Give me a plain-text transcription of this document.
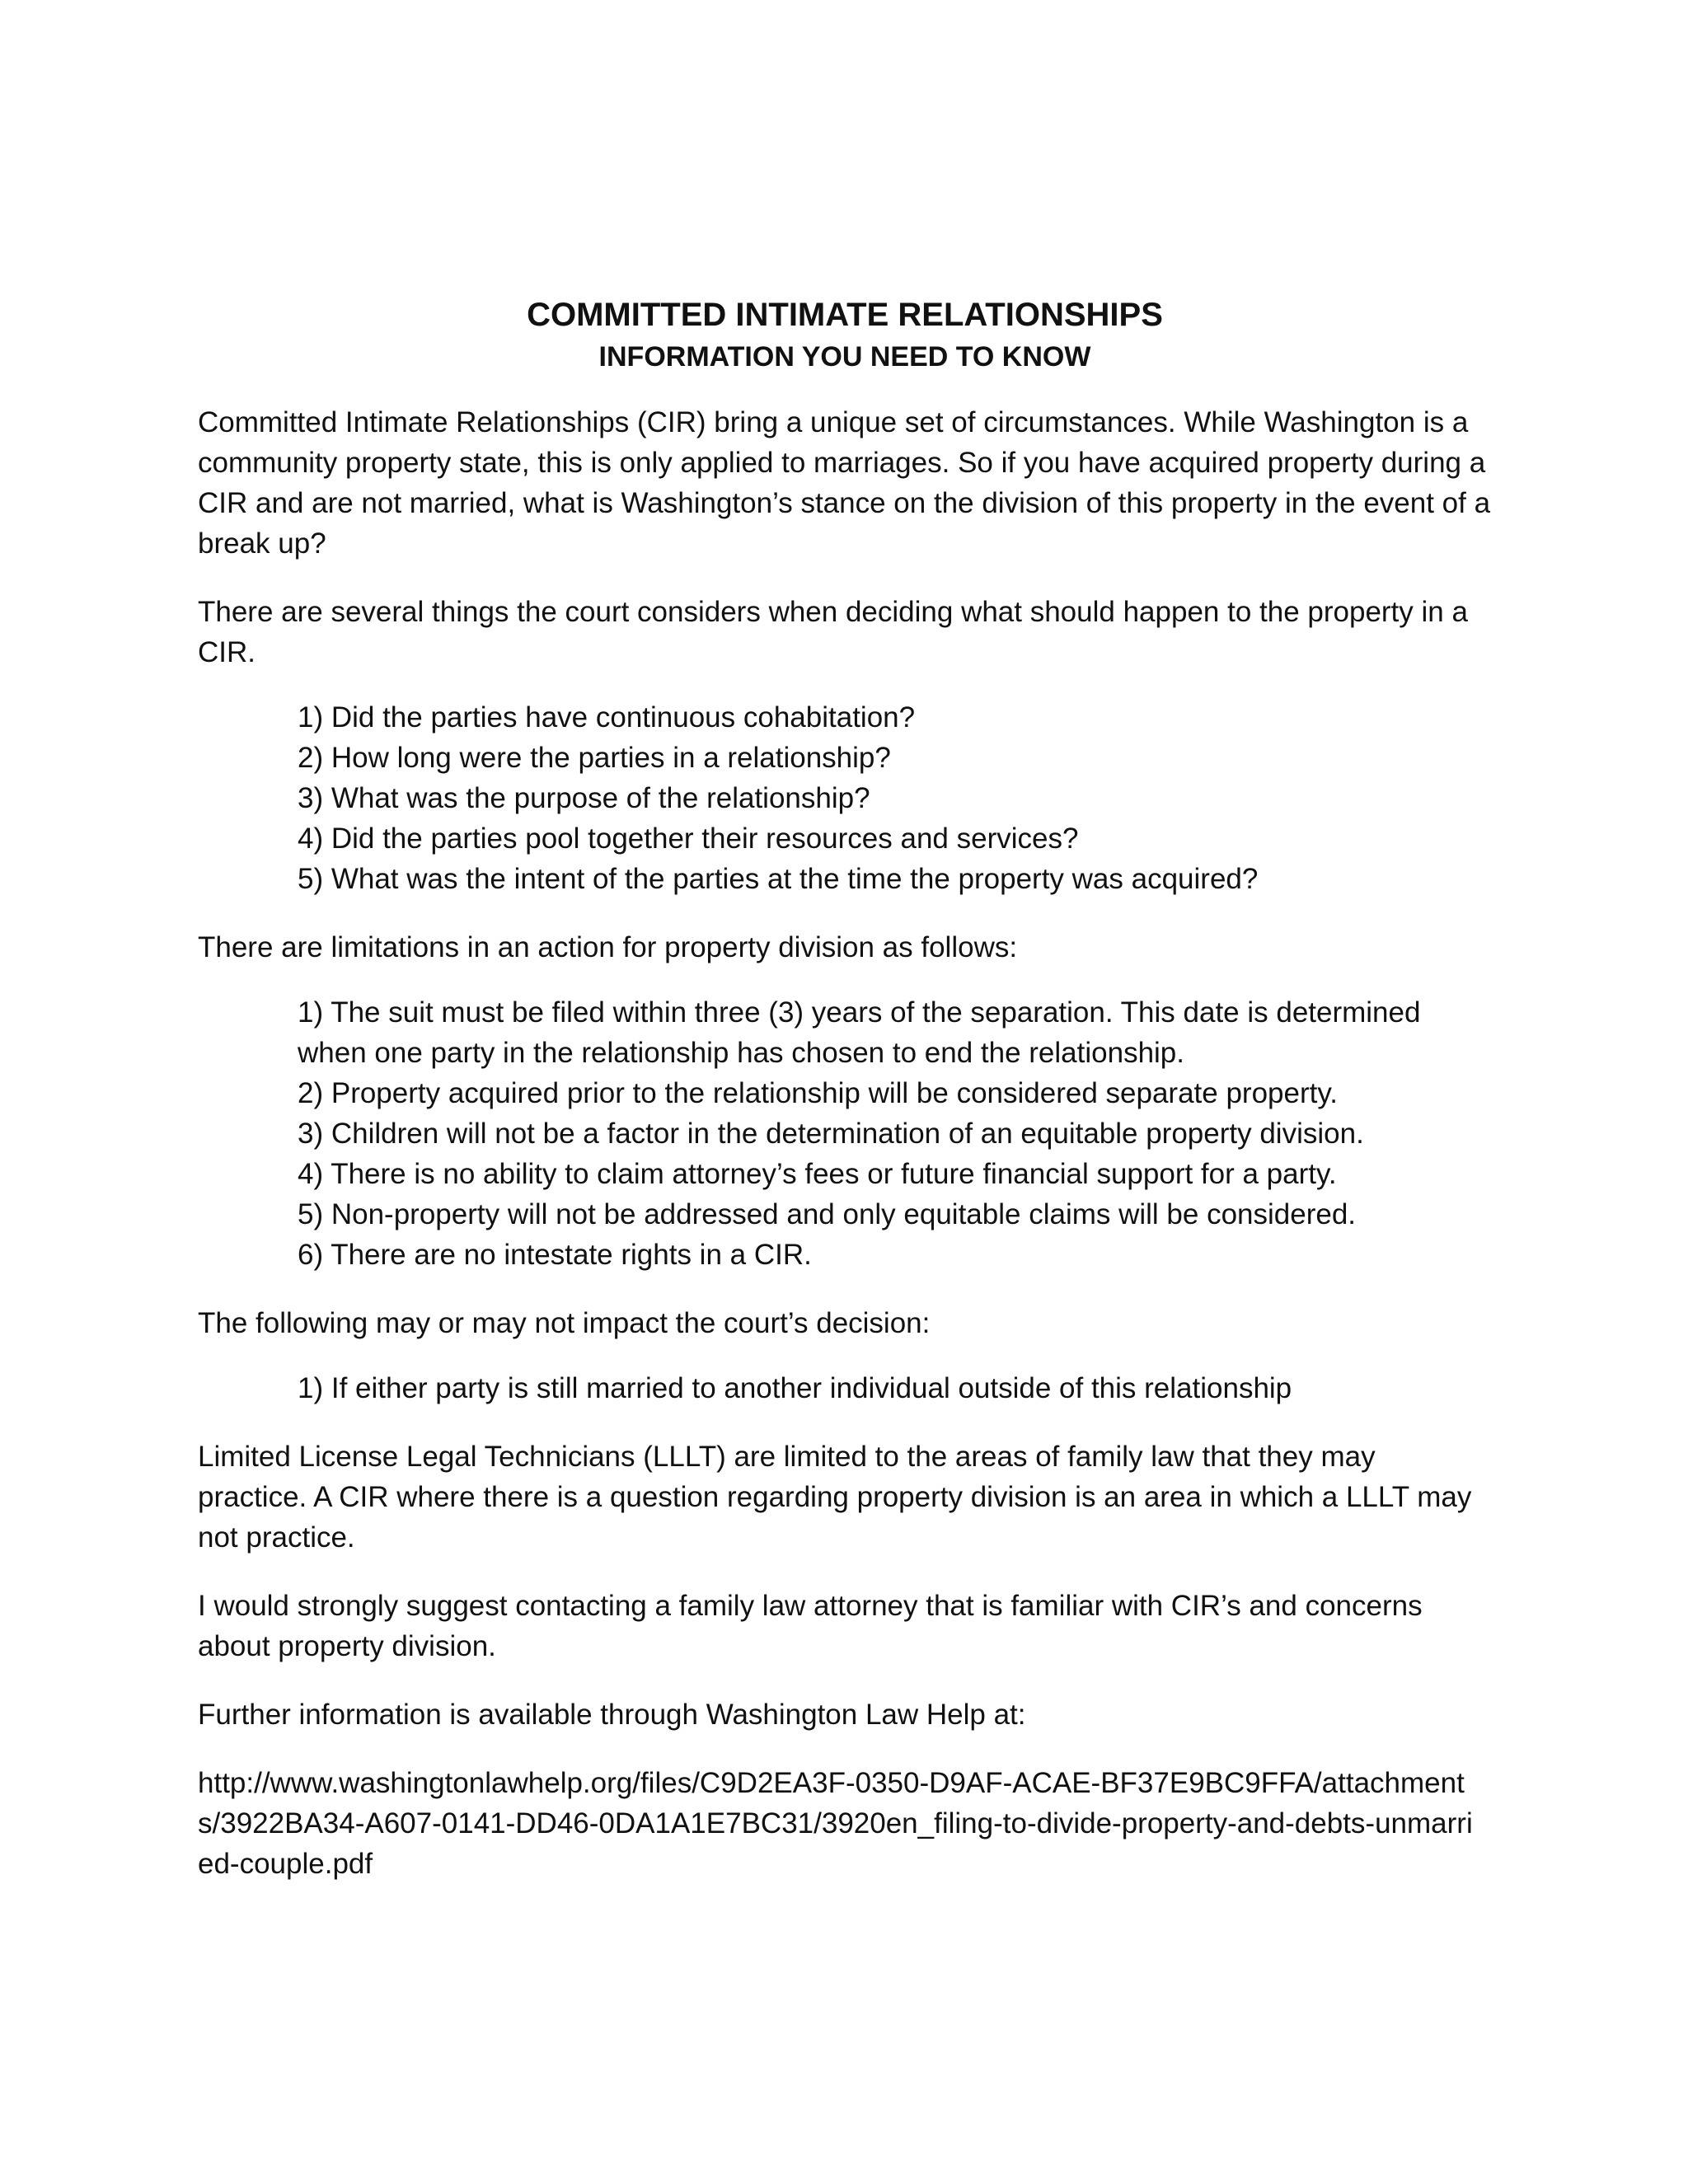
COMMITTED INTIMATE RELATIONSHIPS
INFORMATION YOU NEED TO KNOW

Committed Intimate Relationships (CIR) bring a unique set of circumstances. While Washington is a community property state, this is only applied to marriages. So if you have acquired property during a CIR and are not married, what is Washington’s stance on the division of this property in the event of a break up?

There are several things the court considers when deciding what should happen to the property in a CIR.

1) Did the parties have continuous cohabitation?
2) How long were the parties in a relationship?
3) What was the purpose of the relationship?
4) Did the parties pool together their resources and services?
5) What was the intent of the parties at the time the property was acquired?

There are limitations in an action for property division as follows:

1) The suit must be filed within three (3) years of the separation. This date is determined when one party in the relationship has chosen to end the relationship.
2) Property acquired prior to the relationship will be considered separate property.
3) Children will not be a factor in the determination of an equitable property division.
4) There is no ability to claim attorney’s fees or future financial support for a party.
5) Non-property will not be addressed and only equitable claims will be considered.
6) There are no intestate rights in a CIR.

The following may or may not impact the court’s decision:

1) If either party is still married to another individual outside of this relationship

Limited License Legal Technicians (LLLT) are limited to the areas of family law that they may practice. A CIR where there is a question regarding property division is an area in which a LLLT may not practice.

I would strongly suggest contacting a family law attorney that is familiar with CIR’s and concerns about property division.

Further information is available through Washington Law Help at:

http://www.washingtonlawhelp.org/files/C9D2EA3F-0350-D9AF-ACAE-BF37E9BC9FFA/attachments/3922BA34-A607-0141-DD46-0DA1A1E7BC31/3920en_filing-to-divide-property-and-debts-unmarried-couple.pdf
